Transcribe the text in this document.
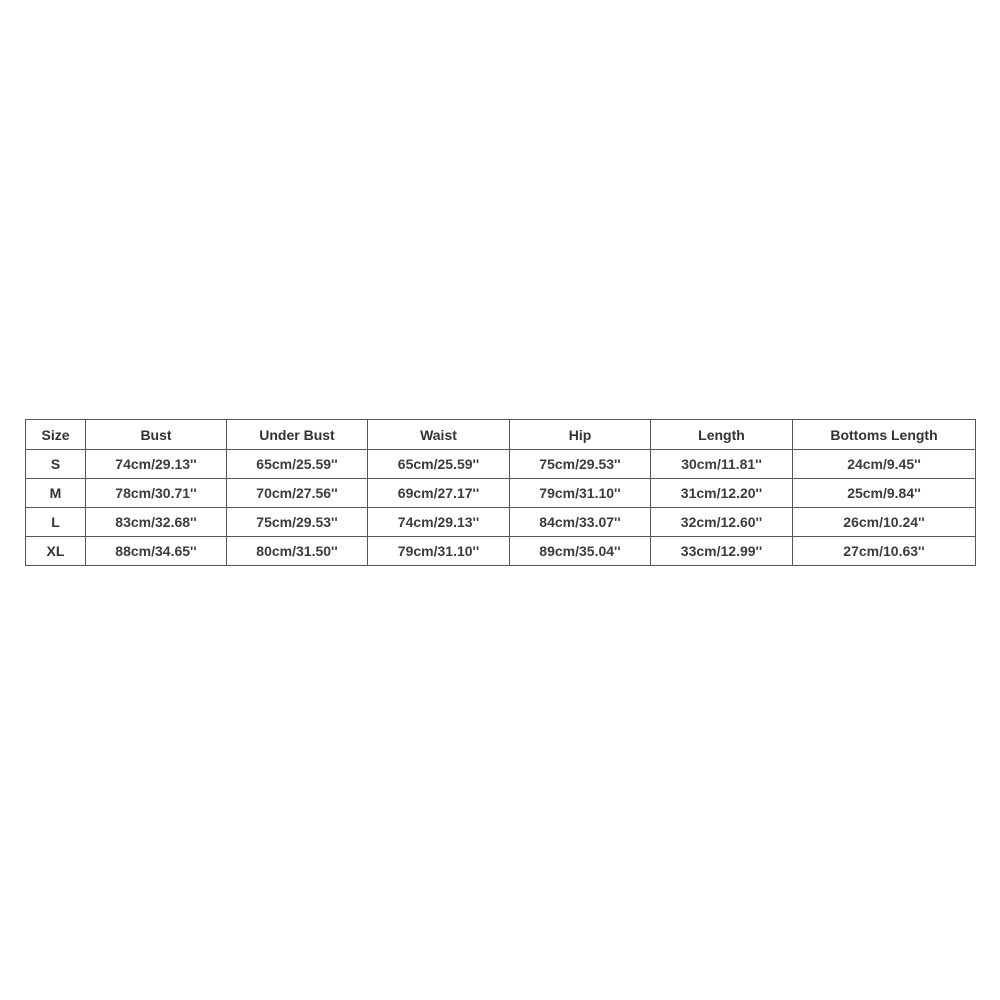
Size	Bust	Under Bust	Waist	Hip	Length	Bottoms Length
S	74cm/29.13''	65cm/25.59''	65cm/25.59''	75cm/29.53''	30cm/11.81''	24cm/9.45''
M	78cm/30.71''	70cm/27.56''	69cm/27.17''	79cm/31.10''	31cm/12.20''	25cm/9.84''
L	83cm/32.68''	75cm/29.53''	74cm/29.13''	84cm/33.07''	32cm/12.60''	26cm/10.24''
XL	88cm/34.65''	80cm/31.50''	79cm/31.10''	89cm/35.04''	33cm/12.99''	27cm/10.63''
